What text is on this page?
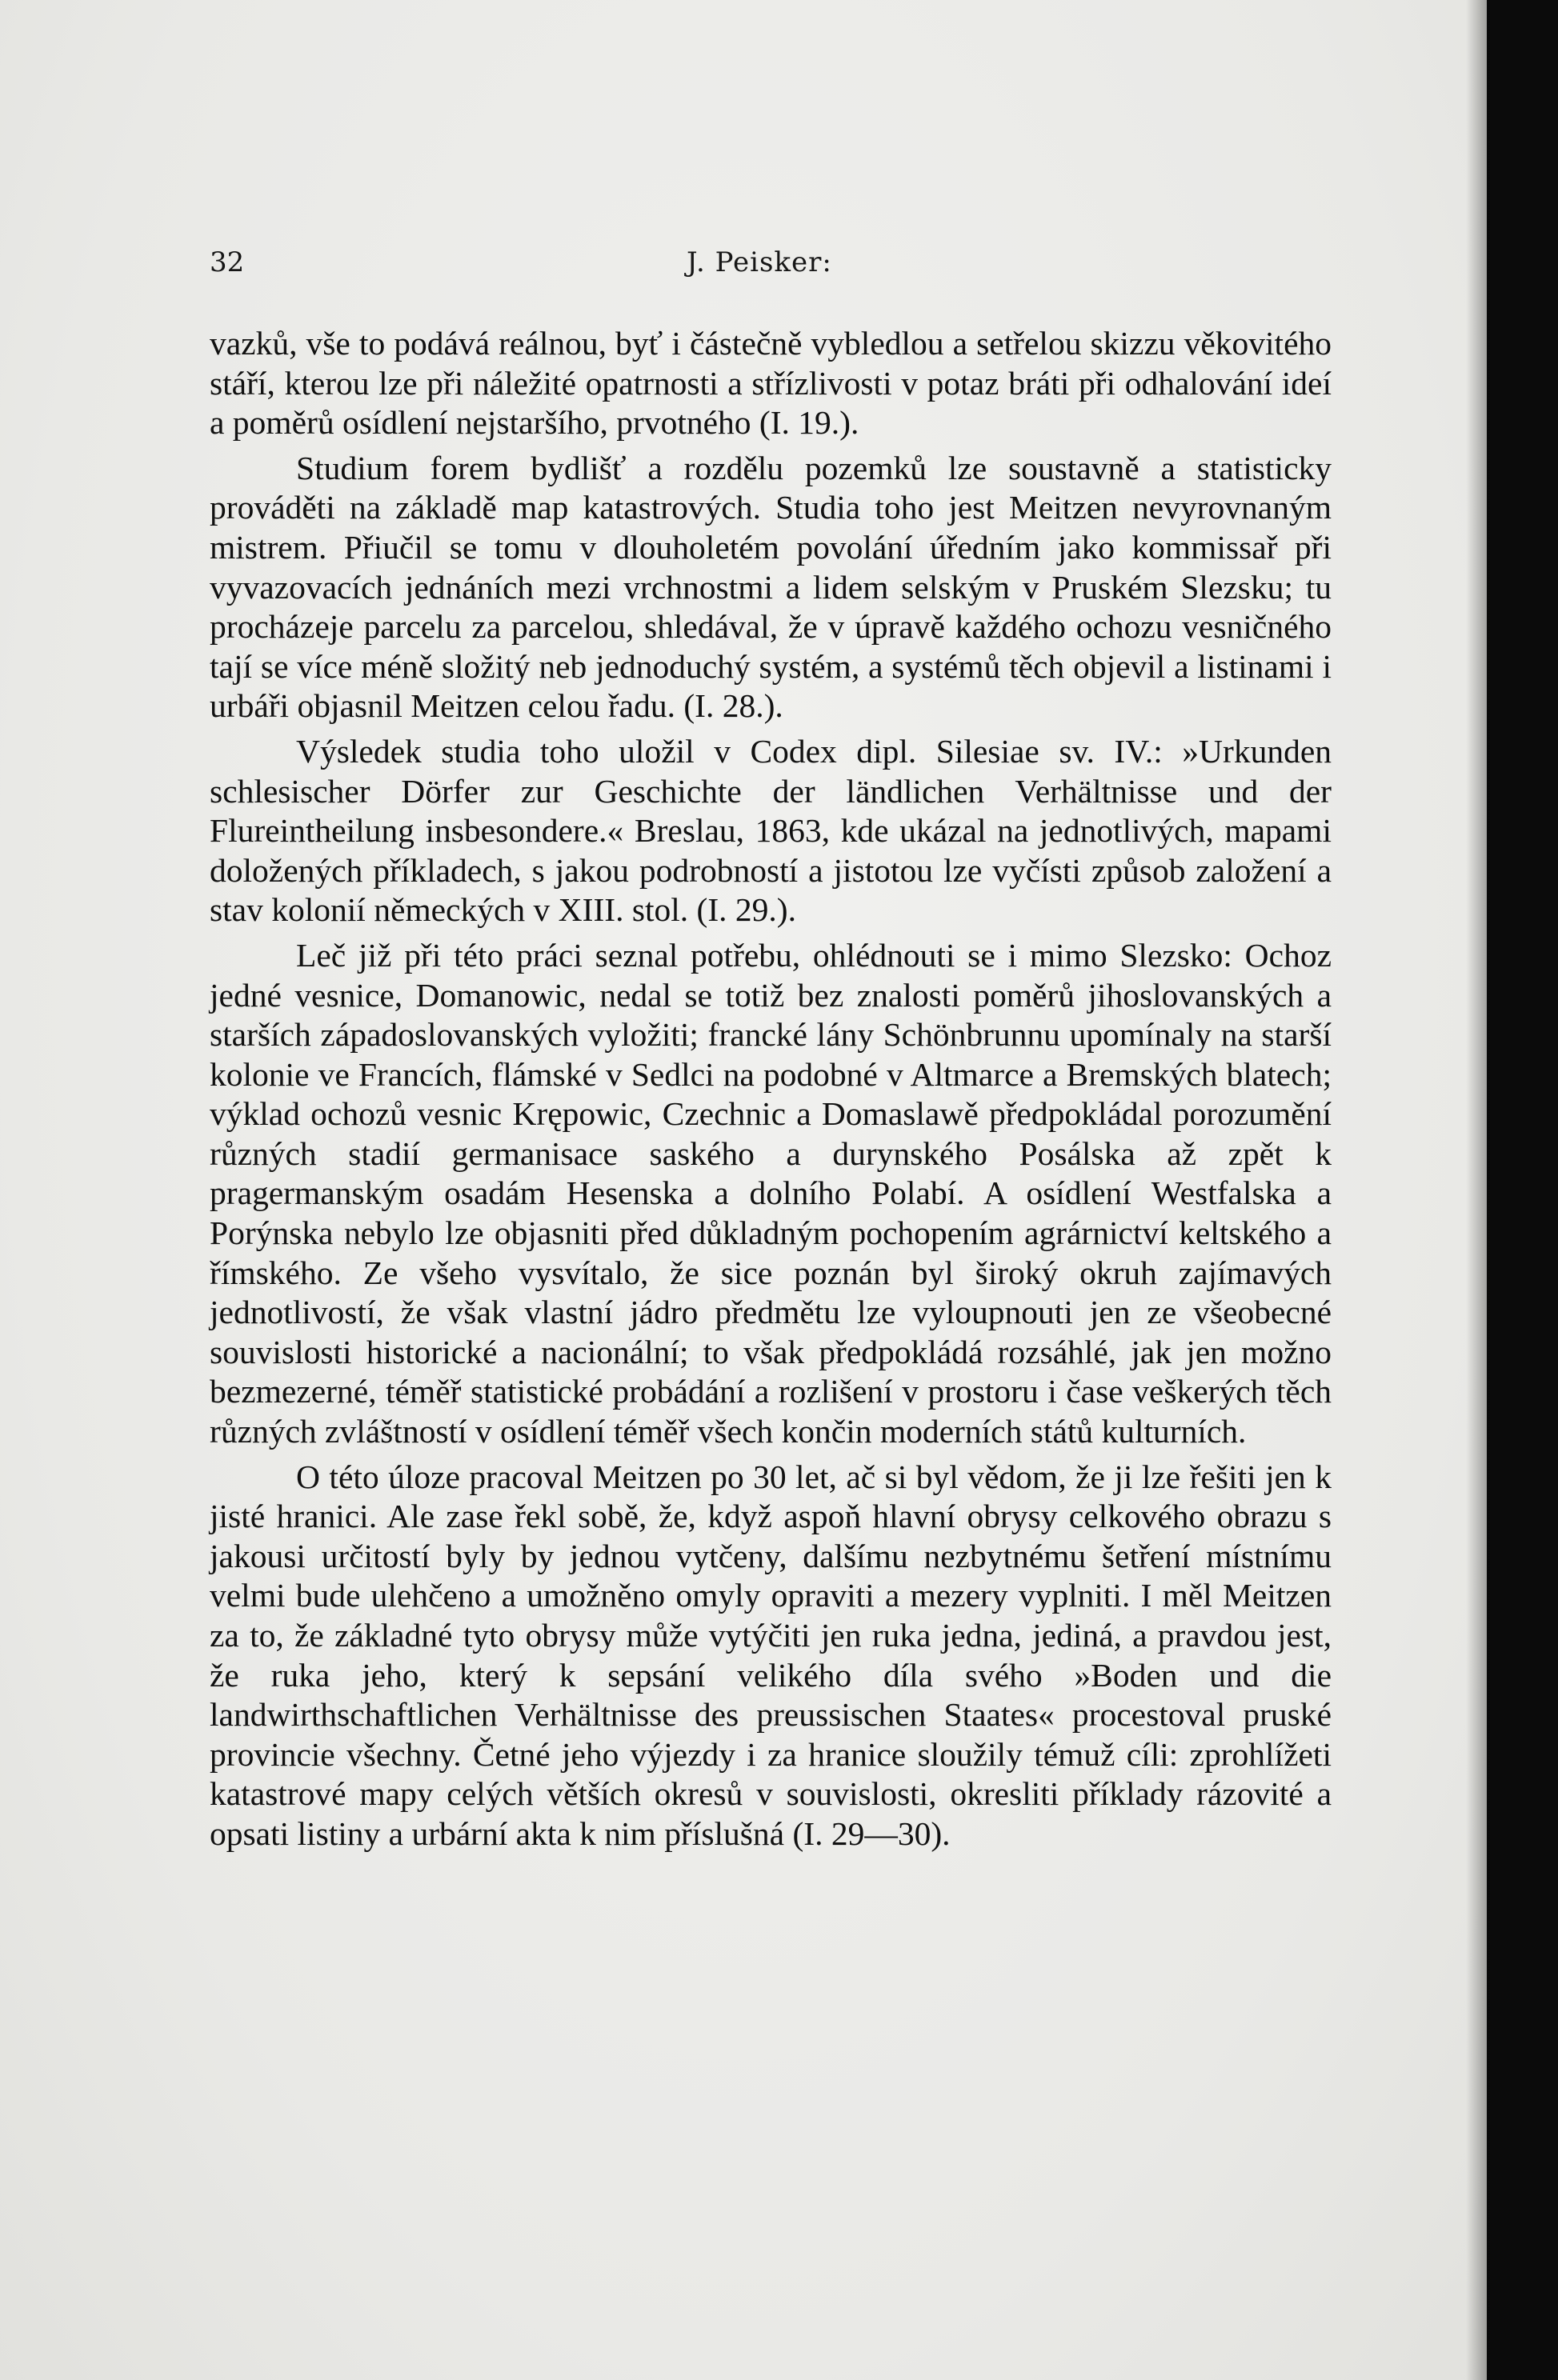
32	J. Peisker:

vazků, vše to podává reálnou, byť i částečně vybledlou a setřelou skizzu věkovitého stáří, kterou lze při náležité opatrnosti a střízlivosti v potaz bráti při odhalování ideí a poměrů osídlení nejstaršího, prvotného (I. 19.).

Studium forem bydlišť a rozdělu pozemků lze soustavně a statisticky prováděti na základě map katastrových. Studia toho jest Meitzen nevyrovnaným mistrem. Přiučil se tomu v dlouholetém povolání úředním jako kommissař při vyvazovacích jednáních mezi vrchnostmi a lidem selským v Pruském Slezsku; tu procházeje parcelu za parcelou, shledával, že v úpravě každého ochozu vesničného tají se více méně složitý neb jednoduchý systém, a systémů těch objevil a listinami i urbáři objasnil Meitzen celou řadu. (I. 28.).

Výsledek studia toho uložil v Codex dipl. Silesiae sv. IV.: »Urkunden schlesischer Dörfer zur Geschichte der ländlichen Verhältnisse und der Flureintheilung insbesondere.« Breslau, 1863, kde ukázal na jednotlivých, mapami doložených příkladech, s jakou podrobností a jistotou lze vyčísti způsob založení a stav kolonií německých v XIII. stol. (I. 29.).

Leč již při této práci seznal potřebu, ohlédnouti se i mimo Slezsko: Ochoz jedné vesnice, Domanowic, nedal se totiž bez znalosti poměrů jihoslovanských a starších západoslovanských vyložiti; francké lány Schönbrunnu upomínaly na starší kolonie ve Francích, flámské v Sedlci na podobné v Altmarce a Bremských blatech; výklad ochozů vesnic Krępowic, Czechnic a Domaslawě předpokládal porozumění různých stadií germanisace saského a durynského Posálska až zpět k pragermanským osadám Hesenska a dolního Polabí. A osídlení Westfalska a Porýnska nebylo lze objasniti před důkladným pochopením agrárnictví keltského a římského. Ze všeho vysvítalo, že sice poznán byl široký okruh zajímavých jednotlivostí, že však vlastní jádro předmětu lze vyloupnouti jen ze všeobecné souvislosti historické a nacionální; to však předpokládá rozsáhlé, jak jen možno bezmezerné, téměř statistické probádání a rozlišení v prostoru i čase veškerých těch různých zvláštností v osídlení téměř všech končin moderních států kulturních.

O této úloze pracoval Meitzen po 30 let, ač si byl vědom, že ji lze řešiti jen k jisté hranici. Ale zase řekl sobě, že, když aspoň hlavní obrysy celkového obrazu s jakousi určitostí byly by jednou vytčeny, dalšímu nezbytnému šetření místnímu velmi bude ulehčeno a umožněno omyly opraviti a mezery vyplniti. I měl Meitzen za to, že základné tyto obrysy může vytýčiti jen ruka jedna, jediná, a pravdou jest, že ruka jeho, který k sepsání velikého díla svého »Boden und die landwirthschaftlichen Verhältnisse des preussischen Staates« procestoval pruské provincie všechny. Četné jeho výjezdy i za hranice sloužily témuž cíli: zprohlížeti katastrové mapy celých větších okresů v souvislosti, okresliti příklady rázovité a opsati listiny a urbární akta k nim příslušná (I. 29—30).
